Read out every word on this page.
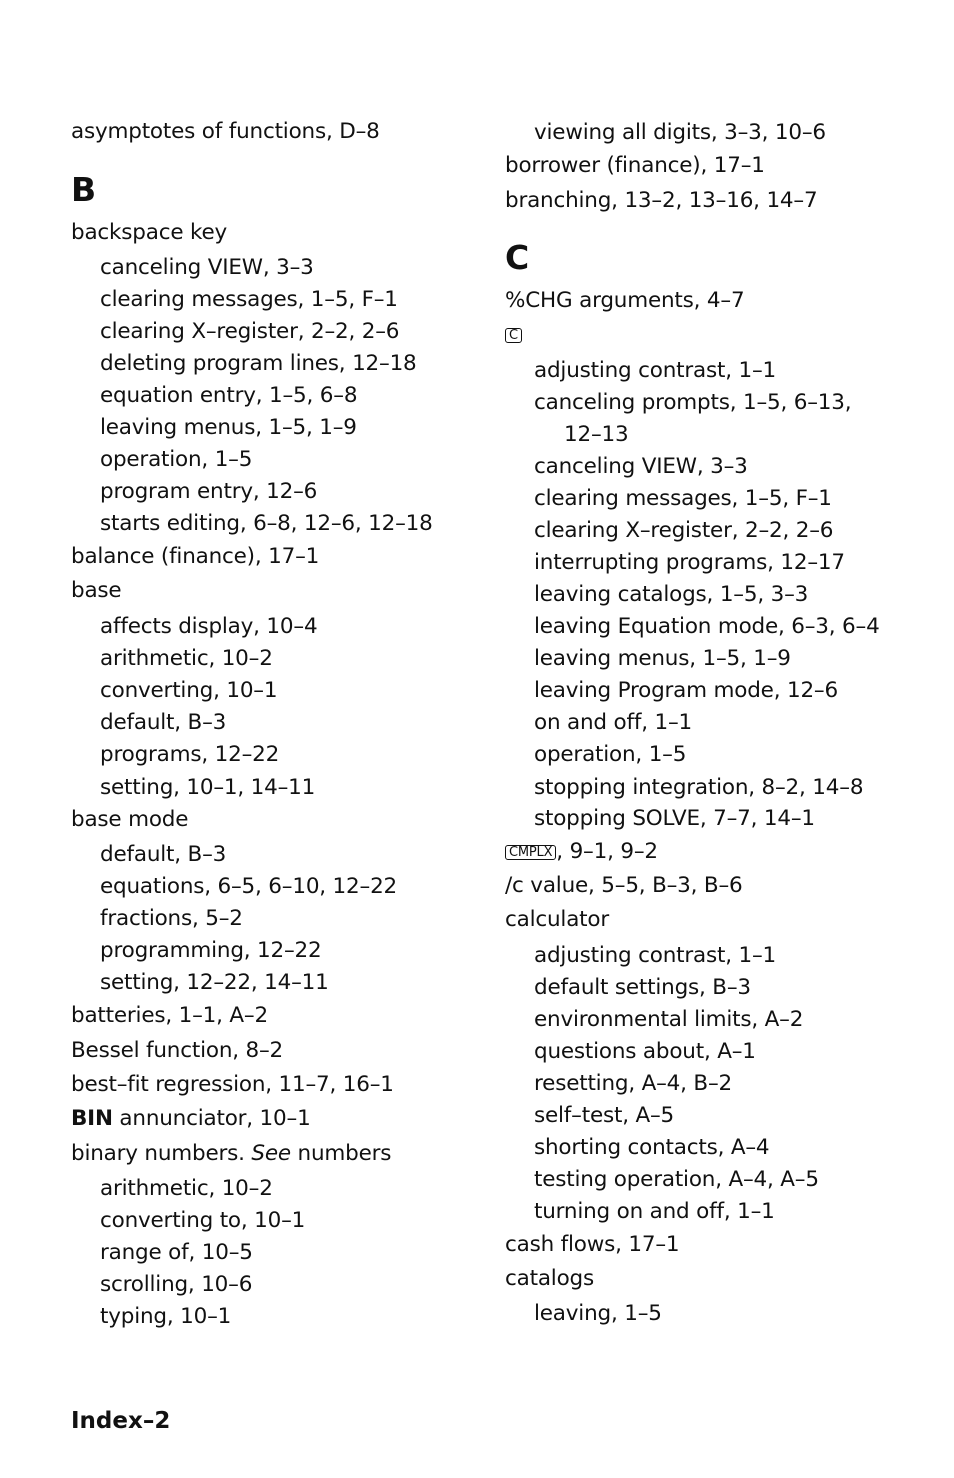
asymptotes of functions, D–8
B
backspace key
canceling VIEW, 3–3
clearing messages, 1–5, F–1
clearing X–register, 2–2, 2–6
deleting program lines, 12–18
equation entry, 1–5, 6–8
leaving menus, 1–5, 1–9
operation, 1–5
program entry, 12–6
starts editing, 6–8, 12–6, 12–18
balance (finance), 17–1
base
affects display, 10–4
arithmetic, 10–2
converting, 10–1
default, B–3
programs, 12–22
setting, 10–1, 14–11
base mode
default, B–3
equations, 6–5, 6–10, 12–22
fractions, 5–2
programming, 12–22
setting, 12–22, 14–11
batteries, 1–1, A–2
Bessel function, 8–2
best–fit regression, 11–7, 16–1
BIN annunciator, 10–1
binary numbers. See numbers
arithmetic, 10–2
converting to, 10–1
range of, 10–5
scrolling, 10–6
typing, 10–1
viewing all digits, 3–3, 10–6
borrower (finance), 17–1
branching, 13–2, 13–16, 14–7
C
%CHG arguments, 4–7
C
adjusting contrast, 1–1
canceling prompts, 1–5, 6–13,
12–13
canceling VIEW, 3–3
clearing messages, 1–5, F–1
clearing X–register, 2–2, 2–6
interrupting programs, 12–17
leaving catalogs, 1–5, 3–3
leaving Equation mode, 6–3, 6–4
leaving menus, 1–5, 1–9
leaving Program mode, 12–6
on and off, 1–1
operation, 1–5
stopping integration, 8–2, 14–8
stopping SOLVE, 7–7, 14–1
CMPLX , 9–1, 9–2
/c value, 5–5, B–3, B–6
calculator
adjusting contrast, 1–1
default settings, B–3
environmental limits, A–2
questions about, A–1
resetting, A–4, B–2
self–test, A–5
shorting contacts, A–4
testing operation, A–4, A–5
turning on and off, 1–1
cash flows, 17–1
catalogs
leaving, 1–5
Index–2
